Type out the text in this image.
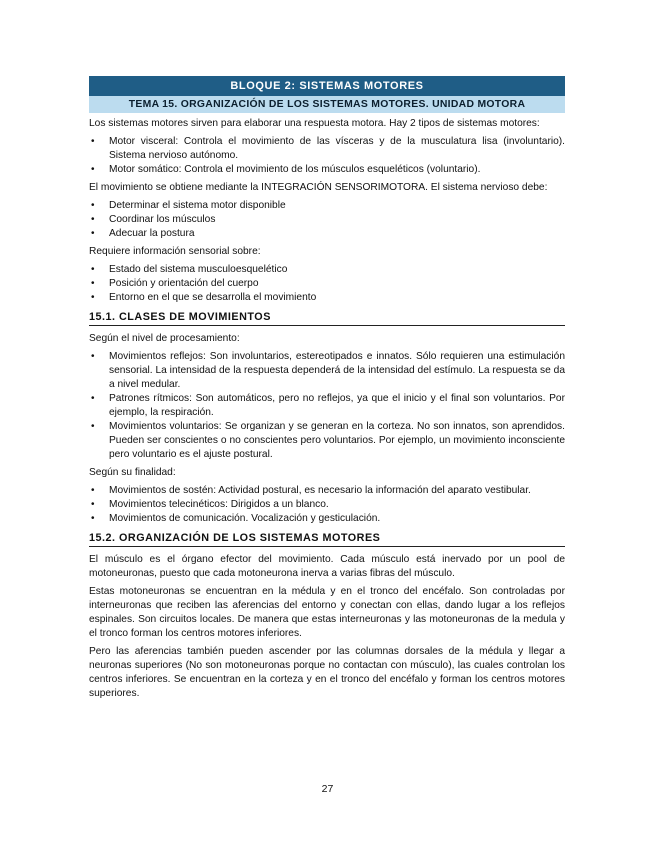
BLOQUE 2: SISTEMAS MOTORES
TEMA 15. ORGANIZACIÓN DE LOS SISTEMAS MOTORES. UNIDAD MOTORA

Los sistemas motores sirven para elaborar una respuesta motora. Hay 2 tipos de sistemas motores:

• Motor visceral: Controla el movimiento de las vísceras y de la musculatura lisa (involuntario). Sistema nervioso autónomo.
• Motor somático: Controla el movimiento de los músculos esqueléticos (voluntario).

El movimiento se obtiene mediante la INTEGRACIÓN SENSORIMOTORA. El sistema nervioso debe:

• Determinar el sistema motor disponible
• Coordinar los músculos
• Adecuar la postura

Requiere información sensorial sobre:

• Estado del sistema musculoesquelético
• Posición y orientación del cuerpo
• Entorno en el que se desarrolla el movimiento
15.1. CLASES DE MOVIMIENTOS

Según el nivel de procesamiento:

• Movimientos reflejos: Son involuntarios, estereotipados e innatos. Sólo requieren una estimulación sensorial. La intensidad de la respuesta dependerá de la intensidad del estímulo. La respuesta se da a nivel medular.
• Patrones rítmicos: Son automáticos, pero no reflejos, ya que el inicio y el final son voluntarios. Por ejemplo, la respiración.
• Movimientos voluntarios: Se organizan y se generan en la corteza. No son innatos, son aprendidos. Pueden ser conscientes o no conscientes pero voluntarios. Por ejemplo, un movimiento inconsciente pero voluntario es el ajuste postural.

Según su finalidad:

• Movimientos de sostén: Actividad postural, es necesario la información del aparato vestibular.
• Movimientos telecinéticos: Dirigidos a un blanco.
• Movimientos de comunicación. Vocalización y gesticulación.
15.2. ORGANIZACIÓN DE LOS SISTEMAS MOTORES

El músculo es el órgano efector del movimiento. Cada músculo está inervado por un pool de motoneuronas, puesto que cada motoneurona inerva a varias fibras del músculo.

Estas motoneuronas se encuentran en la médula y en el tronco del encéfalo. Son controladas por interneuronas que reciben las aferencias del entorno y conectan con ellas, dando lugar a los reflejos espinales. Son circuitos locales. De manera que estas interneuronas y las motoneuronas de la medula y el tronco forman los centros motores inferiores.

Pero las aferencias también pueden ascender por las columnas dorsales de la médula y llegar a neuronas superiores (No son motoneuronas porque no contactan con músculo), las cuales controlan los centros inferiores. Se encuentran en la corteza y en el tronco del encéfalo y forman los centros motores superiores.

27
